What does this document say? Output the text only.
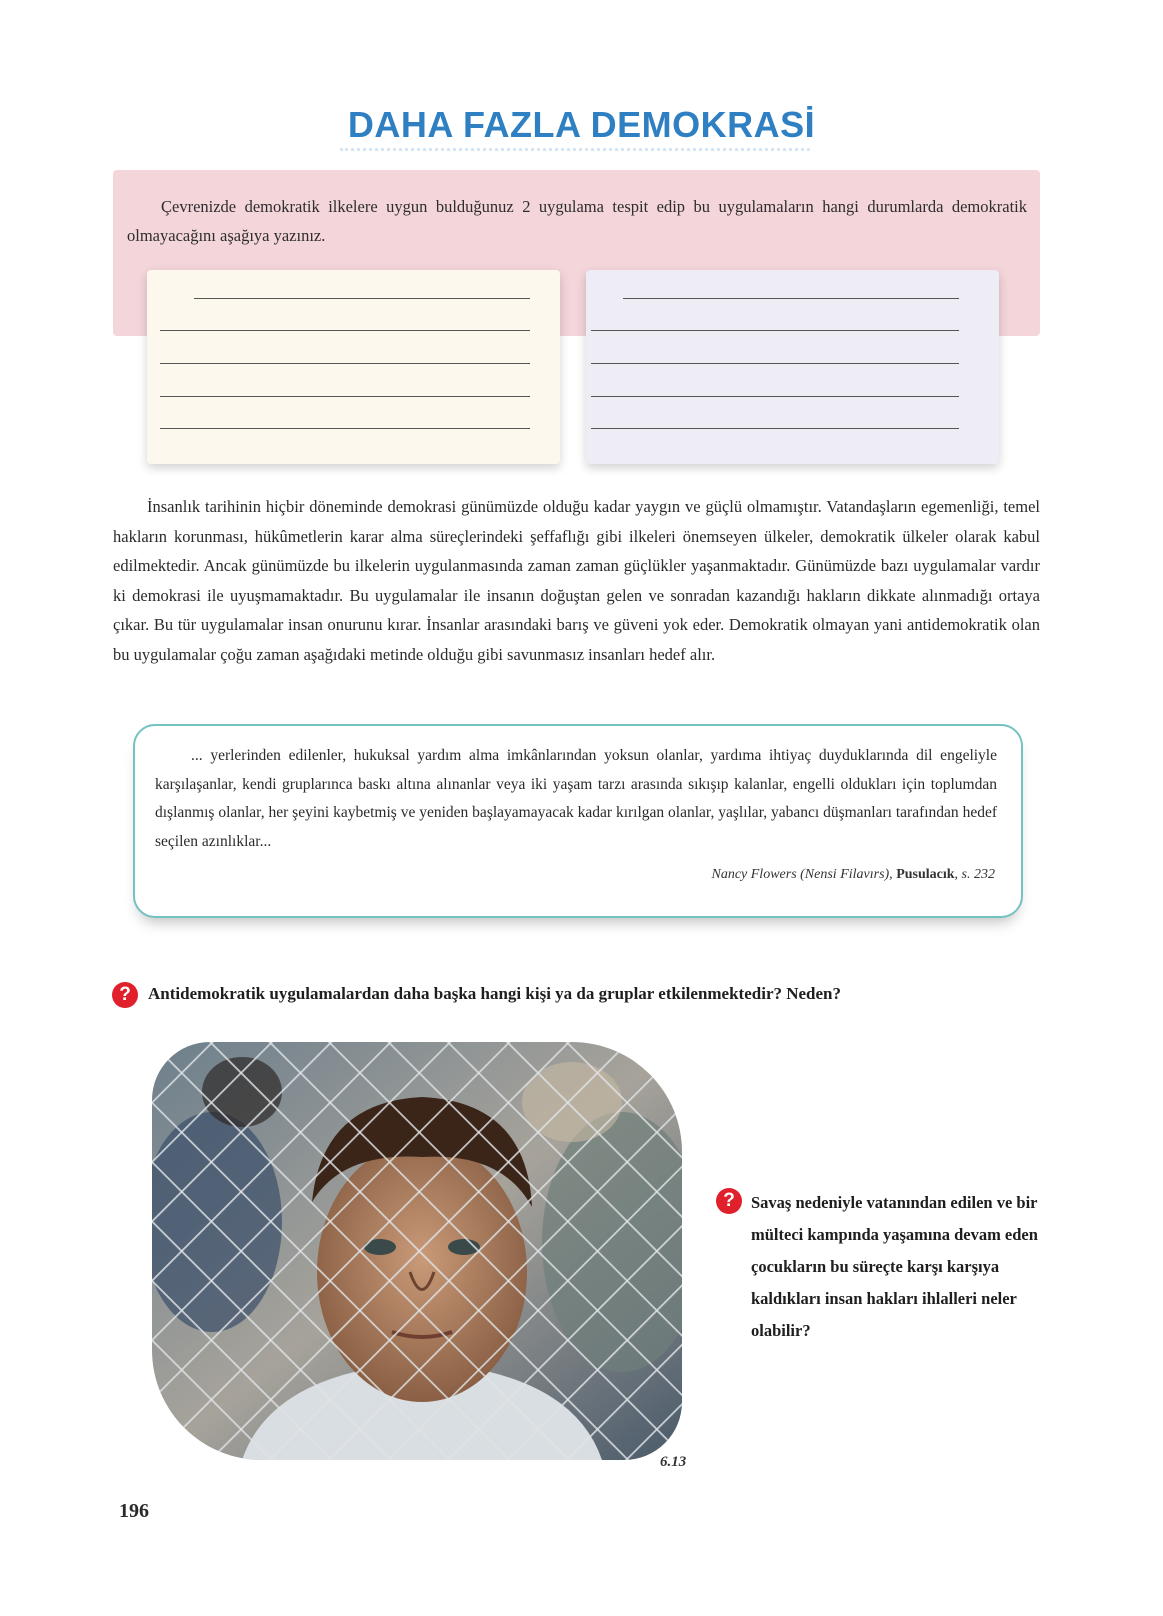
DAHA FAZLA DEMOKRASİ
Çevrenizde demokratik ilkelere uygun bulduğunuz 2 uygulama tespit edip bu uygulamaların hangi durumlarda demokratik olmayacağını aşağıya yazınız.

İnsanlık tarihinin hiçbir döneminde demokrasi günümüzde olduğu kadar yaygın ve güçlü olmamıştır. Vatandaşların egemenliği, temel hakların korunması, hükûmetlerin karar alma süreçlerindeki şeffaflığı gibi ilkeleri önemseyen ülkeler, demokratik ülkeler olarak kabul edilmektedir. Ancak günümüzde bu ilkelerin uygulanmasında zaman zaman güçlükler yaşanmaktadır. Günümüzde bazı uygulamalar vardır ki demokrasi ile uyuşmamaktadır. Bu uygulamalar ile insanın doğuştan gelen ve sonradan kazandığı hakların dikkate alınmadığı ortaya çıkar. Bu tür uygulamalar insan onurunu kırar. İnsanlar arasındaki barış ve güveni yok eder. Demokratik olmayan yani antidemokratik olan bu uygulamalar çoğu zaman aşağıdaki metinde olduğu gibi savunmasız insanları hedef alır.

... yerlerinden edilenler, hukuksal yardım alma imkânlarından yoksun olanlar, yardıma ihtiyaç duyduklarında dil engeliyle karşılaşanlar, kendi gruplarınca baskı altına alınanlar veya iki yaşam tarzı arasında sıkışıp kalanlar, engelli oldukları için toplumdan dışlanmış olanlar, her şeyini kaybetmiş ve yeniden başlayamayacak kadar kırılgan olanlar, yaşlılar, yabancı düşmanları tarafından hedef seçilen azınlıklar...

Nancy Flowers (Nensi Filavırs), Pusulacık, s. 232
?	Antidemokratik uygulamalardan daha başka hangi kişi ya da gruplar etkilenmektedir? Neden?
6.13
? Savaş nedeniyle vatanından edilen ve bir mülteci kampında yaşamına devam eden çocukların bu süreçte karşı karşıya kaldıkları insan hakları ihlalleri neler olabilir?
196
